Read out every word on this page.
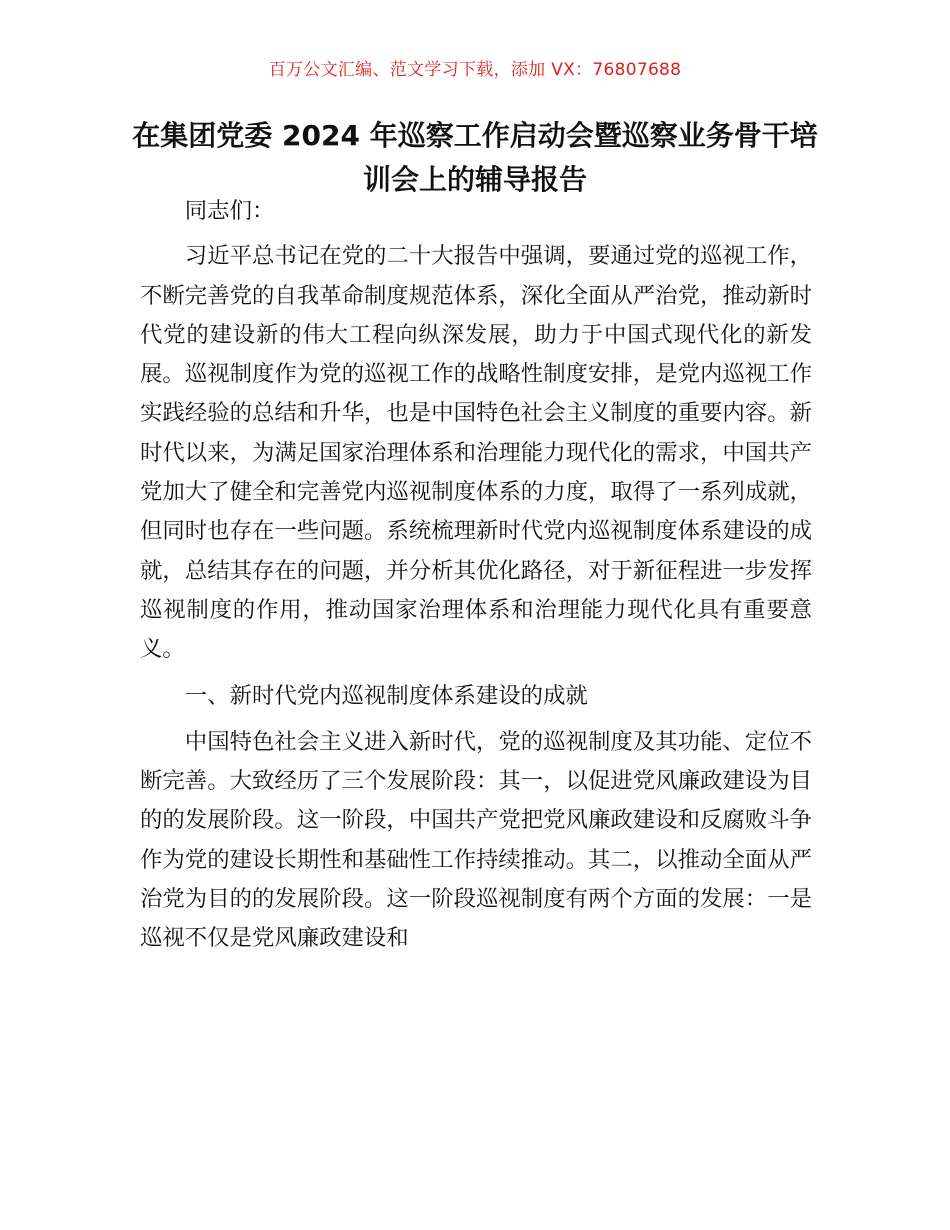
百万公文汇编、范文学习下载，添加 VX：76807688
在集团党委 2024 年巡察工作启动会暨巡察业务骨干培训会上的辅导报告

同志们：

习近平总书记在党的二十大报告中强调，要通过党的巡视工作，不断完善党的自我革命制度规范体系，深化全面从严治党，推动新时代党的建设新的伟大工程向纵深发展，助力于中国式现代化的新发展。巡视制度作为党的巡视工作的战略性制度安排，是党内巡视工作实践经验的总结和升华，也是中国特色社会主义制度的重要内容。新时代以来，为满足国家治理体系和治理能力现代化的需求，中国共产党加大了健全和完善党内巡视制度体系的力度，取得了一系列成就，但同时也存在一些问题。系统梳理新时代党内巡视制度体系建设的成就，总结其存在的问题，并分析其优化路径，对于新征程进一步发挥巡视制度的作用，推动国家治理体系和治理能力现代化具有重要意义。

一、新时代党内巡视制度体系建设的成就

中国特色社会主义进入新时代，党的巡视制度及其功能、定位不断完善。大致经历了三个发展阶段：其一，以促进党风廉政建设为目的的发展阶段。这一阶段，中国共产党把党风廉政建设和反腐败斗争作为党的建设长期性和基础性工作持续推动。其二，以推动全面从严治党为目的的发展阶段。这一阶段巡视制度有两个方面的发展：一是巡视不仅是党风廉政建设和
